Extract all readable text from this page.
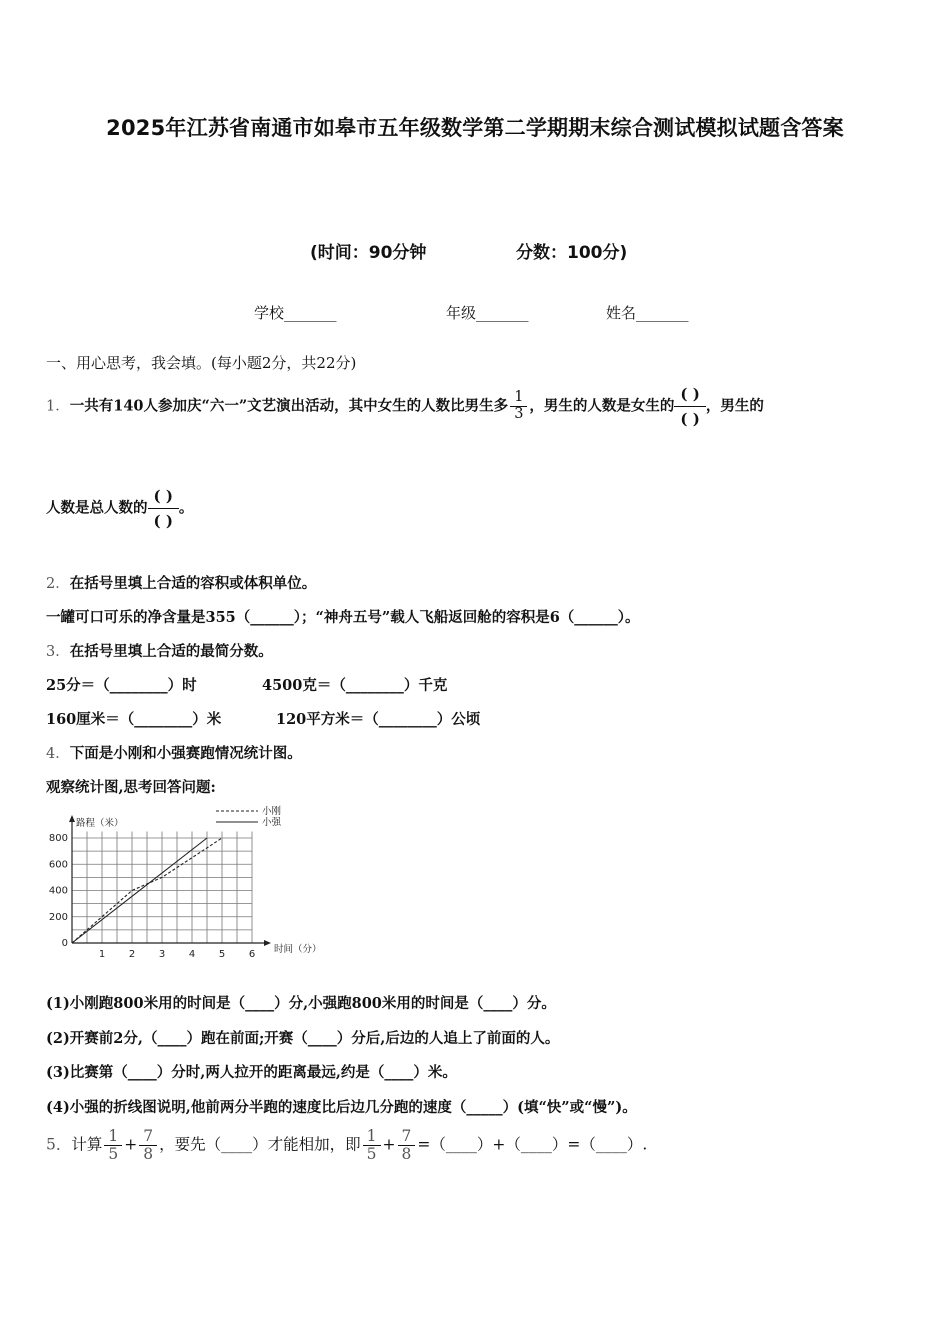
2025年江苏省南通市如皋市五年级数学第二学期期末综合测试模拟试题含答案
(时间：90分钟	分数：100分)
学校_______	年级_______	姓名_______
一、用心思考，我会填。(每小题2分，共22分)
1．一共有140人参加庆“六一”文艺演出活动，其中女生的人数比男生多 $\frac{1}{3}$ ，男生的人数是女生的 $\frac{( )}{( )}$ ，男生的
人数是总人数的 $\frac{( )}{( )}$ 。
2．在括号里填上合适的容积或体积单位。
一罐可口可乐的净含量是355（______）；“神舟五号”载人飞船返回舱的容积是6（______）。
3．在括号里填上合适的最简分数。
25分＝（________）时	4500克＝（________）千克
160厘米＝（________）米	120平方米＝（________）公顷
4．下面是小刚和小强赛跑情况统计图。
观察统计图,思考回答问题:
1 2 3 4 5 6
0
200
400
600
800
路程（米）
时间（分）
小刚
小强
(1)小刚跑800米用的时间是（____）分,小强跑800米用的时间是（____）分。
(2)开赛前2分,（____）跑在前面;开赛（____）分后,后边的人追上了前面的人。
(3)比赛第（____）分时,两人拉开的距离最远,约是（____）米。
(4)小强的折线图说明,他前两分半跑的速度比后边几分跑的速度（_____）(填“快”或“慢”)。
5．计算 $\frac{1}{5} + \frac{7}{8}$ ，要先（____）才能相加，即 $\frac{1}{5} + \frac{7}{8}$ =（____）+（____）=（____）.
